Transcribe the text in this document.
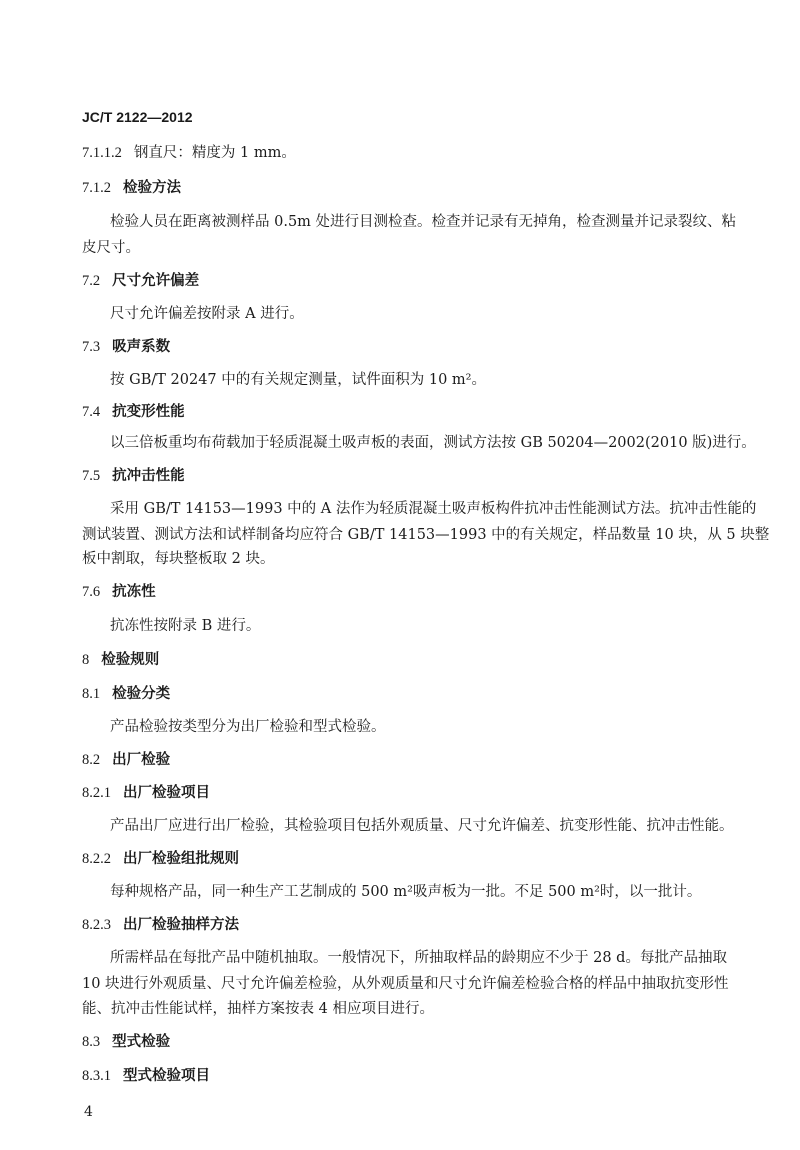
JC/T 2122—2012
7.1.1.2 钢直尺：精度为 1 mm。
7.1.2 检验方法
检验人员在距离被测样品 0.5m 处进行目测检查。检查并记录有无掉角，检查测量并记录裂纹、粘
皮尺寸。
7.2 尺寸允许偏差
尺寸允许偏差按附录 A 进行。
7.3 吸声系数
按 GB/T 20247 中的有关规定测量，试件面积为 10 m²。
7.4 抗变形性能
以三倍板重均布荷载加于轻质混凝土吸声板的表面，测试方法按 GB 50204—2002(2010 版)进行。
7.5 抗冲击性能
采用 GB/T 14153—1993 中的 A 法作为轻质混凝土吸声板构件抗冲击性能测试方法。抗冲击性能的
测试装置、测试方法和试样制备均应符合 GB/T 14153—1993 中的有关规定，样品数量 10 块，从 5 块整
板中割取，每块整板取 2 块。
7.6 抗冻性
抗冻性按附录 B 进行。
8 检验规则
8.1 检验分类
产品检验按类型分为出厂检验和型式检验。
8.2 出厂检验
8.2.1 出厂检验项目
产品出厂应进行出厂检验，其检验项目包括外观质量、尺寸允许偏差、抗变形性能、抗冲击性能。
8.2.2 出厂检验组批规则
每种规格产品，同一种生产工艺制成的 500 m²吸声板为一批。不足 500 m²时，以一批计。
8.2.3 出厂检验抽样方法
所需样品在每批产品中随机抽取。一般情况下，所抽取样品的龄期应不少于 28 d。每批产品抽取
10 块进行外观质量、尺寸允许偏差检验，从外观质量和尺寸允许偏差检验合格的样品中抽取抗变形性
能、抗冲击性能试样，抽样方案按表 4 相应项目进行。
8.3 型式检验
8.3.1 型式检验项目
4
